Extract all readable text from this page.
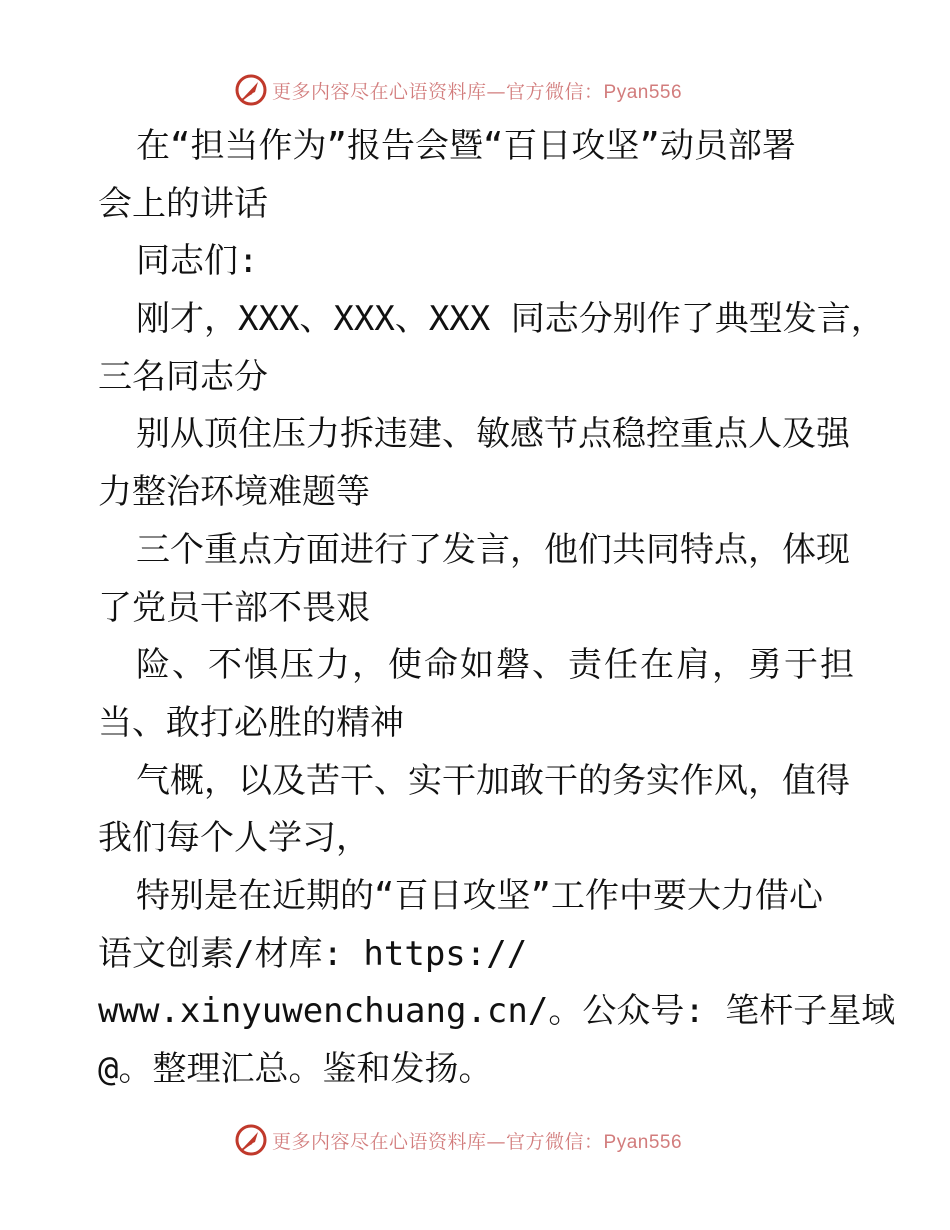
更多内容尽在心语资料库—官方微信：Pyan556
在“担当作为”报告会暨“百日攻坚”动员部署
会上的讲话
同志们:
刚才，XXX、XXX、XXX 同志分别作了典型发言，
三名同志分
别从顶住压力拆违建、敏感节点稳控重点人及强
力整治环境难题等
三个重点方面进行了发言，他们共同特点，体现
了党员干部不畏艰
险、不惧压力，使命如磐、责任在肩，勇于担
当、敢打必胜的精神
气概，以及苦干、实干加敢干的务实作风，值得
我们每个人学习，
特别是在近期的“百日攻坚”工作中要大力借心
语文创素/材库: https://
www.xinyuwenchuang.cn/。公众号: 笔杆子星域
@。整理汇总。鉴和发扬。
更多内容尽在心语资料库—官方微信：Pyan556
